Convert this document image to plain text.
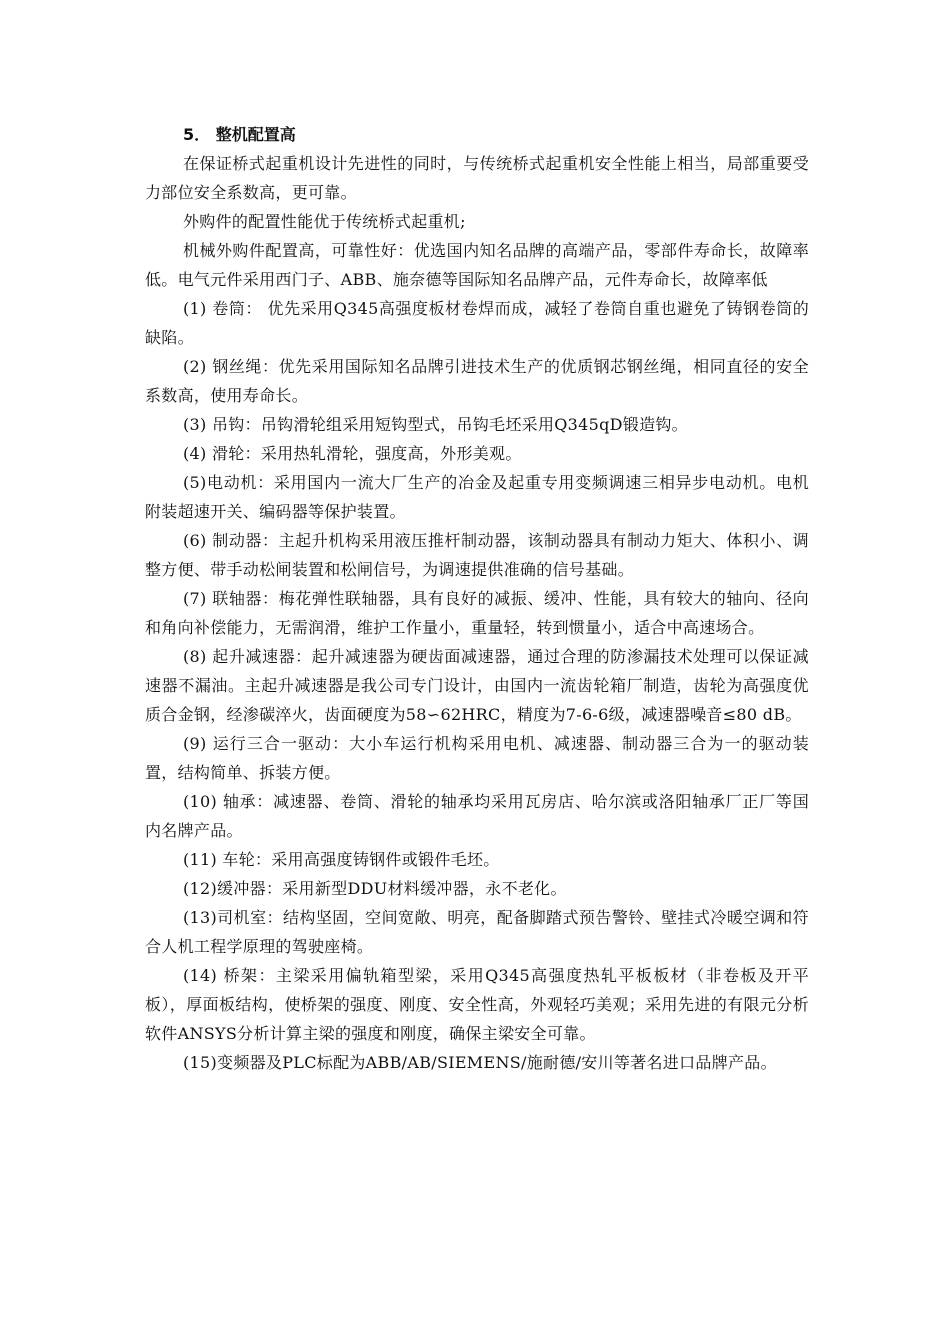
5． 整机配置高

在保证桥式起重机设计先进性的同时，与传统桥式起重机安全性能上相当，局部重要受力部位安全系数高，更可靠。

外购件的配置性能优于传统桥式起重机;

机械外购件配置高，可靠性好：优选国内知名品牌的高端产品，零部件寿命长，故障率低。电气元件采用西门子、ABB、施奈德等国际知名品牌产品，元件寿命长，故障率低

(1) 卷筒： 优先采用Q345高强度板材卷焊而成，减轻了卷筒自重也避免了铸钢卷筒的缺陷。

(2) 钢丝绳：优先采用国际知名品牌引进技术生产的优质钢芯钢丝绳，相同直径的安全系数高，使用寿命长。

(3) 吊钩：吊钩滑轮组采用短钩型式，吊钩毛坯采用Q345qD锻造钩。

(4) 滑轮：采用热轧滑轮，强度高，外形美观。

(5)电动机：采用国内一流大厂生产的冶金及起重专用变频调速三相异步电动机。电机附装超速开关、编码器等保护装置。

(6) 制动器：主起升机构采用液压推杆制动器，该制动器具有制动力矩大、体积小、调整方便、带手动松闸装置和松闸信号，为调速提供准确的信号基础。

(7) 联轴器：梅花弹性联轴器，具有良好的减振、缓冲、性能，具有较大的轴向、径向和角向补偿能力，无需润滑，维护工作量小，重量轻，转到惯量小，适合中高速场合。

(8) 起升减速器：起升减速器为硬齿面减速器，通过合理的防渗漏技术处理可以保证减速器不漏油。主起升减速器是我公司专门设计，由国内一流齿轮箱厂制造，齿轮为高强度优质合金钢，经渗碳淬火，齿面硬度为58∽62HRC，精度为7-6-6级，减速器噪音≤80 dB。

(9) 运行三合一驱动：大小车运行机构采用电机、减速器、制动器三合为一的驱动装置，结构简单、拆装方便。

(10) 轴承：减速器、卷筒、滑轮的轴承均采用瓦房店、哈尔滨或洛阳轴承厂正厂等国内名牌产品。

(11) 车轮：采用高强度铸钢件或锻件毛坯。

(12)缓冲器：采用新型DDU材料缓冲器，永不老化。

(13)司机室：结构坚固，空间宽敞、明亮，配备脚踏式预告警铃、壁挂式冷暖空调和符合人机工程学原理的驾驶座椅。

(14) 桥架：主梁采用偏轨箱型梁，采用Q345高强度热轧平板板材（非卷板及开平板），厚面板结构，使桥架的强度、刚度、安全性高，外观轻巧美观；采用先进的有限元分析软件ANSYS分析计算主梁的强度和刚度，确保主梁安全可靠。

(15)变频器及PLC标配为ABB/AB/SIEMENS/施耐德/安川等著名进口品牌产品。
